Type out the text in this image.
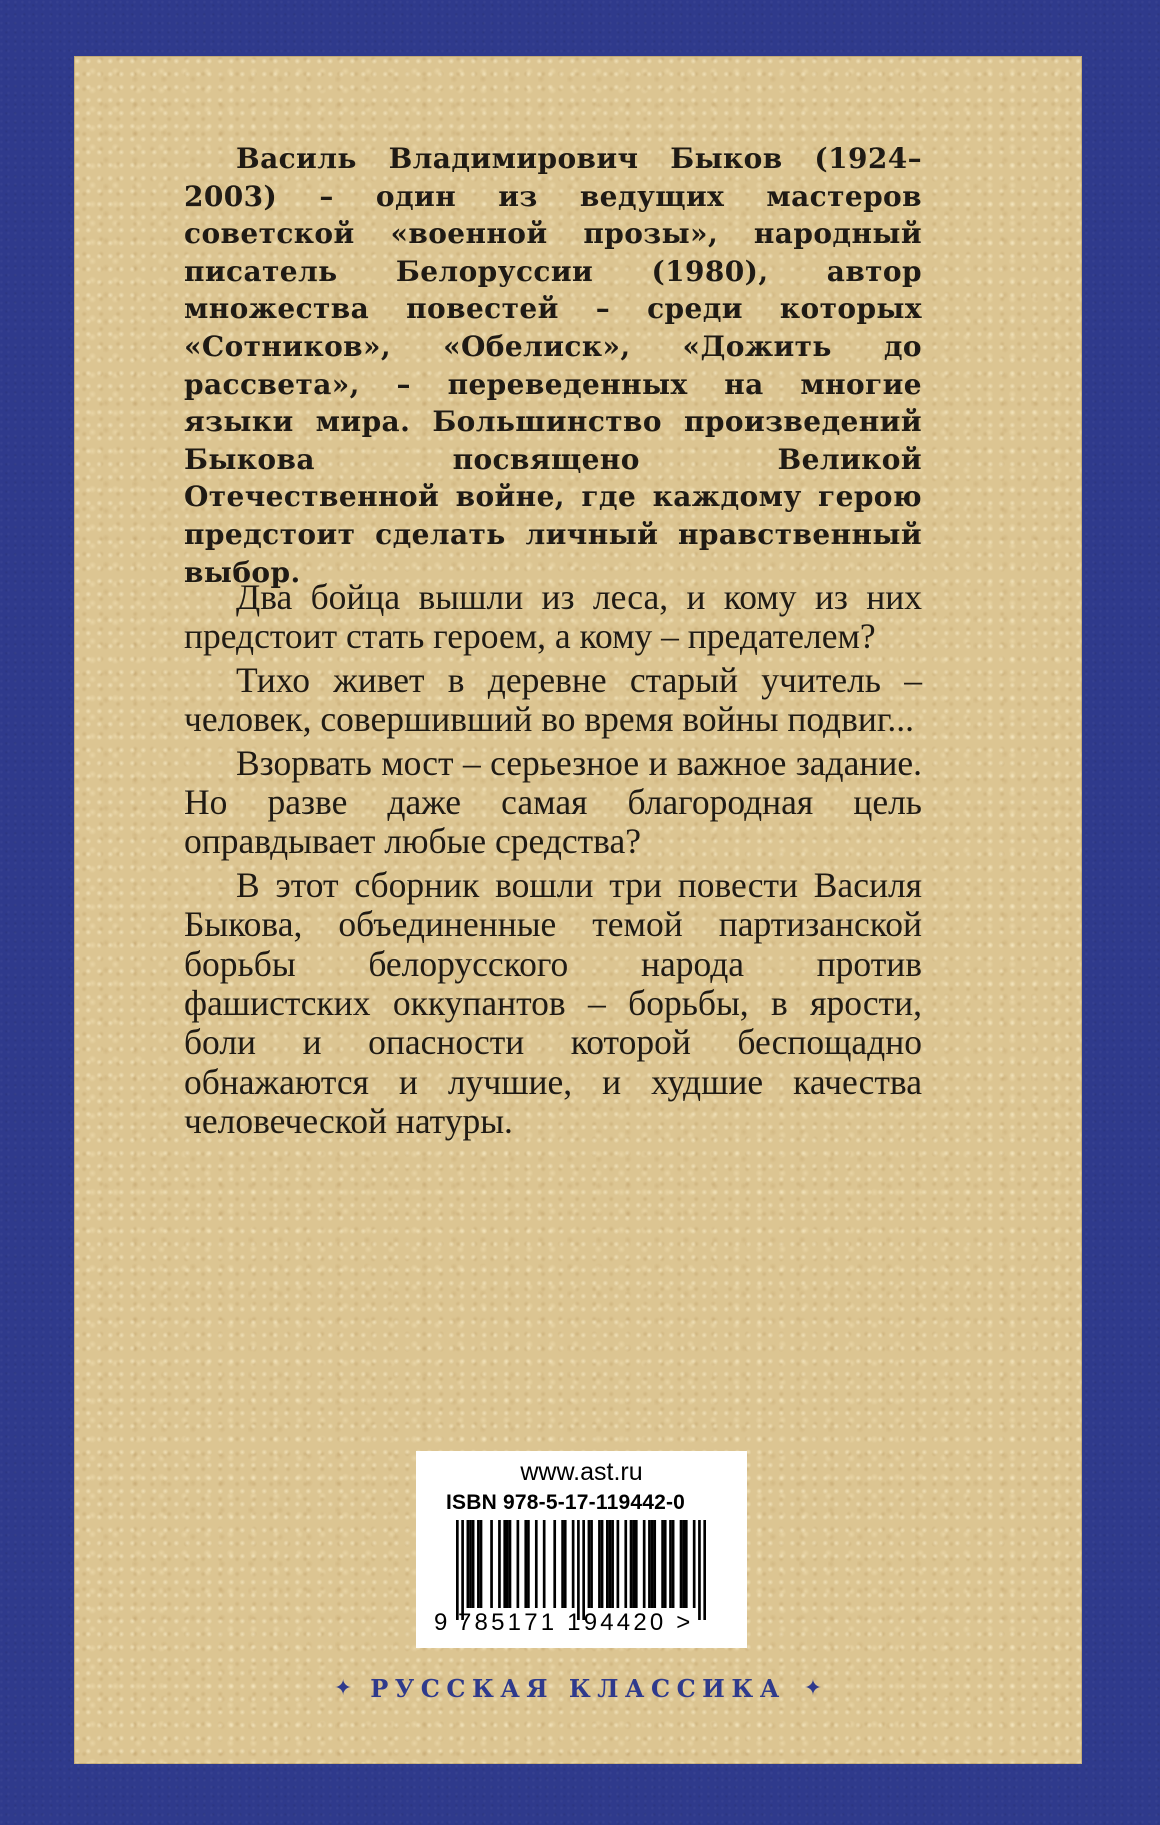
Василь Владимирович Быков (1924–2003) – один из ведущих мастеров советской «военной прозы», народный писатель Белоруссии (1980), автор множества повестей – среди которых «Сотников», «Обелиск», «Дожить до рассвета», – переведенных на многие языки мира. Большинство произведений Быкова посвящено Великой Отечественной войне, где каждому герою предстоит сделать личный нравственный выбор.

Два бойца вышли из леса, и кому из них предстоит стать героем, а кому – предателем?

Тихо живет в деревне старый учитель – человек, совершивший во время войны подвиг...

Взорвать мост – серьезное и важное задание. Но разве даже самая благородная цель оправдывает любые средства?

В этот сборник вошли три повести Василя Быкова, объединенные темой партизанской борьбы белорусского народа против фашистских оккупантов – борьбы, в ярости, боли и опасности которой беспощадно обнажаются и лучшие, и худшие качества человеческой натуры.

www.ast.ru
ISBN 978-5-17-119442-0
9 785171 194420 >
✦ РУССКАЯ КЛАССИКА ✦
